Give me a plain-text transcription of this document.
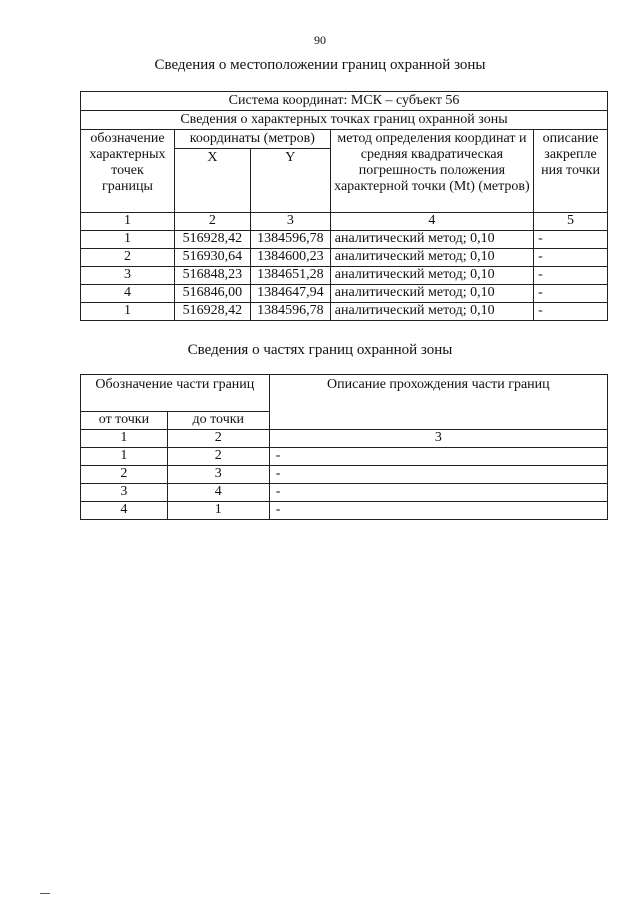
90
Сведения о местоположении границ охранной зоны
Система координат: МСК – субъект 56				
Сведения о характерных точках границ охранной зоны				
обозначение характерных точек границы	координаты (метров)		метод определения координат и средняя квадратическая погрешность положения характерной точки (Mt) (метров)	описание закрепле ния точки
	X	Y		
1	2	3	4	5
1	516928,42	1384596,78	аналитический метод; 0,10	-
2	516930,64	1384600,23	аналитический метод; 0,10	-
3	516848,23	1384651,28	аналитический метод; 0,10	-
4	516846,00	1384647,94	аналитический метод; 0,10	-
1	516928,42	1384596,78	аналитический метод; 0,10	-
Сведения о частях границ охранной зоны
Обозначение части границ		Описание прохождения части границ
от точки	до точки	
1	2	3
1	2	-
2	3	-
3	4	-
4	1	-
